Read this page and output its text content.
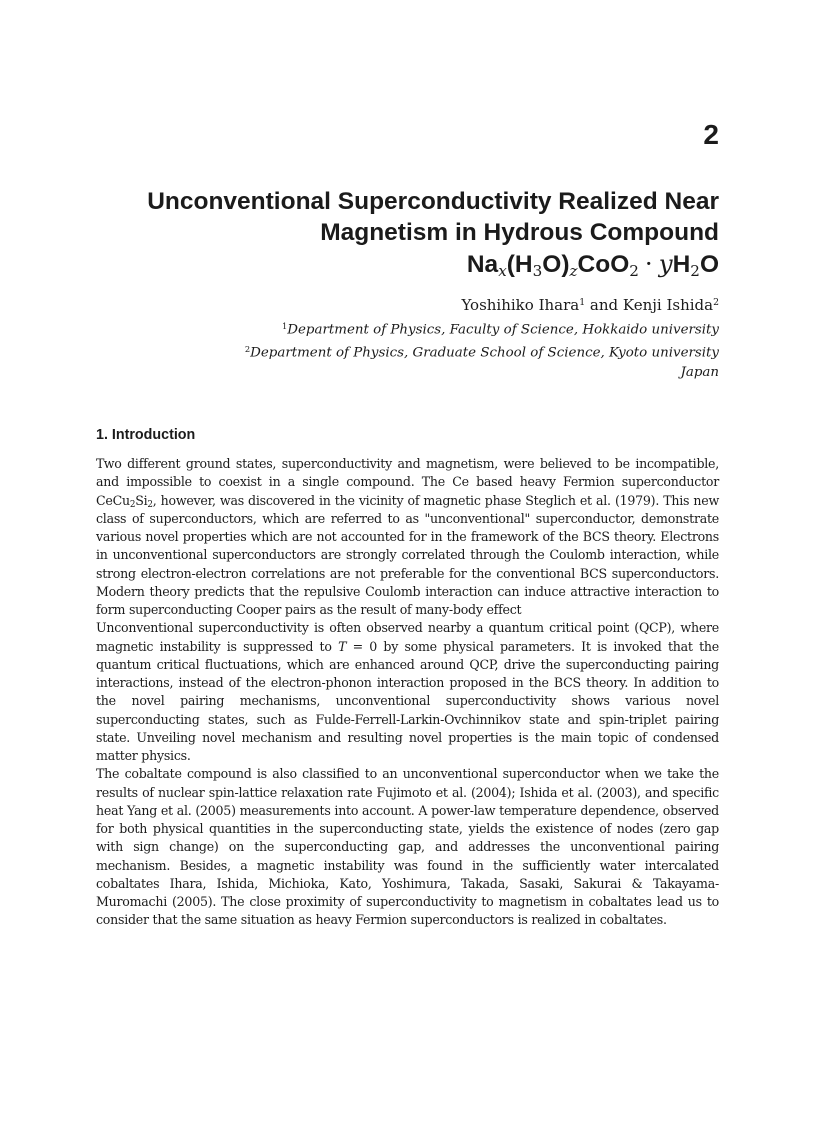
2
Unconventional Superconductivity Realized Near
Magnetism in Hydrous Compound
Nax(H3O)zCoO2 · yH2O
Yoshihiko Ihara$^1$ and Kenji Ishida$^2$
$^1$Department of Physics, Faculty of Science, Hokkaido university
$^2$Department of Physics, Graduate School of Science, Kyoto university
Japan
1. Introduction

Two different ground states, superconductivity and magnetism, were believed to be incompatible, and impossible to coexist in a single compound. The Ce based heavy Fermion superconductor $CeCu_2Si_2$, however, was discovered in the vicinity of magnetic phase Steglich et al. (1979). This new class of superconductors, which are referred to as "unconventional" superconductor, demonstrate various novel properties which are not accounted for in the framework of the BCS theory. Electrons in unconventional superconductors are strongly correlated through the Coulomb interaction, while strong electron-electron correlations are not preferable for the conventional BCS superconductors. Modern theory predicts that the repulsive Coulomb interaction can induce attractive interaction to form superconducting Cooper pairs as the result of many-body effect

Unconventional superconductivity is often observed nearby a quantum critical point (QCP), where magnetic instability is suppressed to T = 0 by some physical parameters. It is invoked that the quantum critical fluctuations, which are enhanced around QCP, drive the superconducting pairing interactions, instead of the electron-phonon interaction proposed in the BCS theory. In addition to the novel pairing mechanisms, unconventional superconductivity shows various novel superconducting states, such as Fulde-Ferrell-Larkin-Ovchinnikov state and spin-triplet pairing state. Unveiling novel mechanism and resulting novel properties is the main topic of condensed matter physics.

The cobaltate compound is also classified to an unconventional superconductor when we take the results of nuclear spin-lattice relaxation rate Fujimoto et al. (2004); Ishida et al. (2003), and specific heat Yang et al. (2005) measurements into account. A power-law temperature dependence, observed for both physical quantities in the superconducting state, yields the existence of nodes (zero gap with sign change) on the superconducting gap, and addresses the unconventional pairing mechanism. Besides, a magnetic instability was found in the sufficiently water intercalated cobaltates Ihara, Ishida, Michioka, Kato, Yoshimura, Takada, Sasaki, Sakurai & Takayama-Muromachi (2005). The close proximity of superconductivity to magnetism in cobaltates lead us to consider that the same situation as heavy Fermion superconductors is realized in cobaltates.
